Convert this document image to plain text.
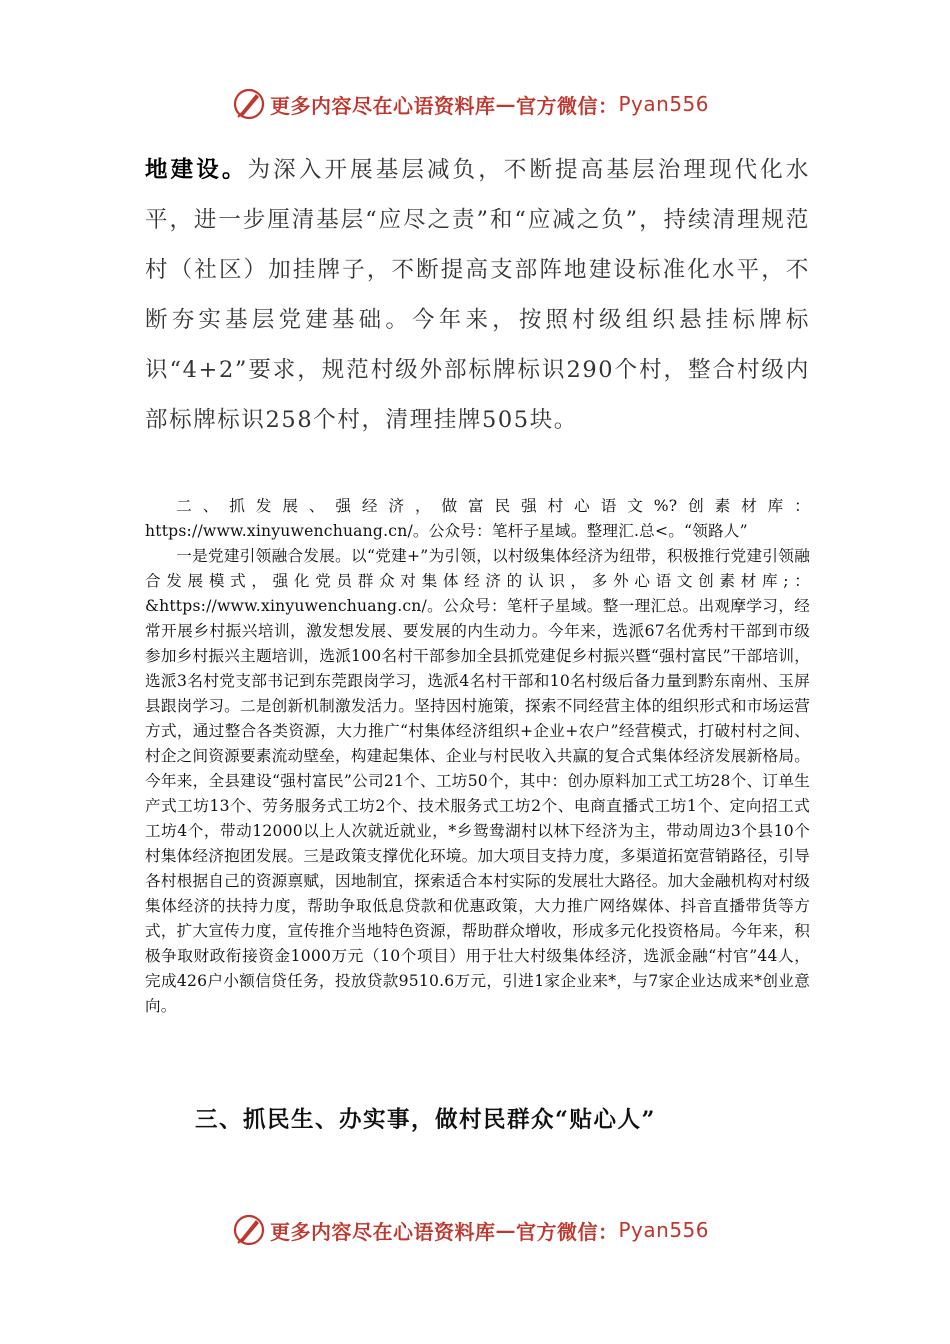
更多内容尽在心语资料库 — 官方微信： Pyan556
地建设。为深入开展基层减负，不断提高基层治理现代化水平，进一步厘清基层“应尽之责”和“应减之负”，持续清理规范村（社区）加挂牌子，不断提高支部阵地建设标准化水平，不断夯实基层党建基础。今年来，按照村级组织悬挂标牌标识“4+2”要求，规范村级外部标牌标识290个村，整合村级内部标牌标识258个村，清理挂牌505块。
二、抓发展、强经济，做富民强村心语文%?创素材库：https://www.xinyuwenchuang.cn/。公众号：笔杆子星域。整理汇.总<。“领路人”
一是党建引领融合发展。以“党建+”为引领，以村级集体经济为纽带，积极推行党建引领融合发展模式，强化党员群众对集体经济的认识，多外心语文创素材库;：&https://www.xinyuwenchuang.cn/。公众号：笔杆子星域。整一理汇总。出观摩学习，经常开展乡村振兴培训，激发想发展、要发展的内生动力。今年来，选派67名优秀村干部到市级参加乡村振兴主题培训，选派100名村干部参加全县抓党建促乡村振兴暨“强村富民”干部培训，选派3名村党支部书记到东莞跟岗学习，选派4名村干部和10名村级后备力量到黔东南州、玉屏县跟岗学习。二是创新机制激发活力。坚持因村施策，探索不同经营主体的组织形式和市场运营方式，通过整合各类资源，大力推广“村集体经济组织+企业+农户”经营模式，打破村村之间、村企之间资源要素流动壁垒，构建起集体、企业与村民收入共赢的复合式集体经济发展新格局。今年来，全县建设“强村富民”公司21个、工坊50个，其中：创办原料加工式工坊28个、订单生产式工坊13个、劳务服务式工坊2个、技术服务式工坊2个、电商直播式工坊1个、定向招工式工坊4个，带动12000以上人次就近就业，*乡鸳鸯湖村以林下经济为主，带动周边3个县10个村集体经济抱团发展。三是政策支撑优化环境。加大项目支持力度，多渠道拓宽营销路径，引导各村根据自己的资源禀赋，因地制宜，探索适合本村实际的发展壮大路径。加大金融机构对村级集体经济的扶持力度，帮助争取低息贷款和优惠政策，大力推广网络媒体、抖音直播带货等方式，扩大宣传力度，宣传推介当地特色资源，帮助群众增收，形成多元化投资格局。今年来，积极争取财政衔接资金1000万元（10个项目）用于壮大村级集体经济，选派金融“村官”44人，完成426户小额信贷任务，投放贷款9510.6万元，引进1家企业来*，与7家企业达成来*创业意向。
三、抓民生、办实事，做村民群众“贴心人”
更多内容尽在心语资料库 — 官方微信： Pyan556
